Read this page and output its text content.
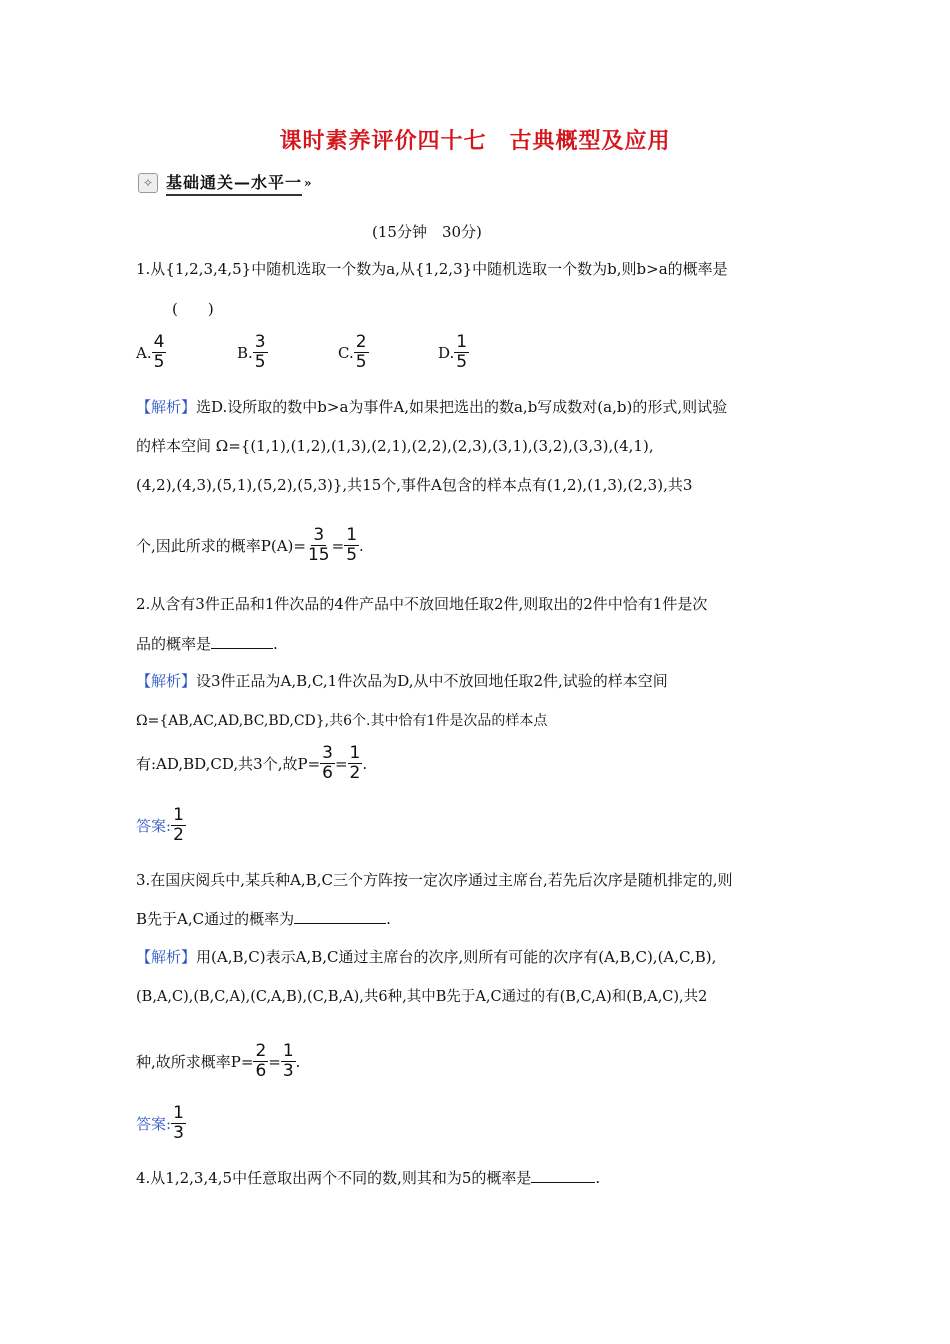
课时素养评价四十七　古典概型及应用
✧ 基础通关—水平一 »
(15分钟　30分)
1.从{1,2,3,4,5}中随机选取一个数为a,从{1,2,3}中随机选取一个数为b,则b>a的概率是
(　　)
A. $\frac{4}{5}$	B. $\frac{3}{5}$	C. $\frac{2}{5}$	D. $\frac{1}{5}$
【解析】选D.设所取的数中b>a为事件A,如果把选出的数a,b写成数对(a,b)的形式,则试验
的样本空间 Ω={(1,1),(1,2),(1,3),(2,1),(2,2),(2,3),(3,1),(3,2),(3,3),(4,1),
(4,2),(4,3),(5,1),(5,2),(5,3)},共15个,事件A包含的样本点有(1,2),(1,3),(2,3),共3
个,因此所求的概率$P(A)= \frac{3}{15} = \frac{1}{5}$ .
2.从含有3件正品和1件次品的4件产品中不放回地任取2件,则取出的2件中恰有1件是次
品的概率是	.
【解析】设3件正品为A,B,C,1件次品为D,从中不放回地任取2件,试验的样本空间
Ω={AB,AC,AD,BC,BD,CD},共6个.其中恰有1件是次品的样本点
有:AD,BD,CD,共3个,故$P= \frac{3}{6} = \frac{1}{2}$ .
答案: $\frac{1}{2}$
3.在国庆阅兵中,某兵种A,B,C三个方阵按一定次序通过主席台,若先后次序是随机排定的,则
B先于A,C通过的概率为	.
【解析】用(A,B,C)表示A,B,C通过主席台的次序,则所有可能的次序有(A,B,C),(A,C,B),
(B,A,C),(B,C,A),(C,A,B),(C,B,A),共6种,其中B先于A,C通过的有(B,C,A)和(B,A,C),共2
种,故所求概率$P= \frac{2}{6} = \frac{1}{3}$ .
答案: $\frac{1}{3}$
4.从1,2,3,4,5中任意取出两个不同的数,则其和为5的概率是	.
